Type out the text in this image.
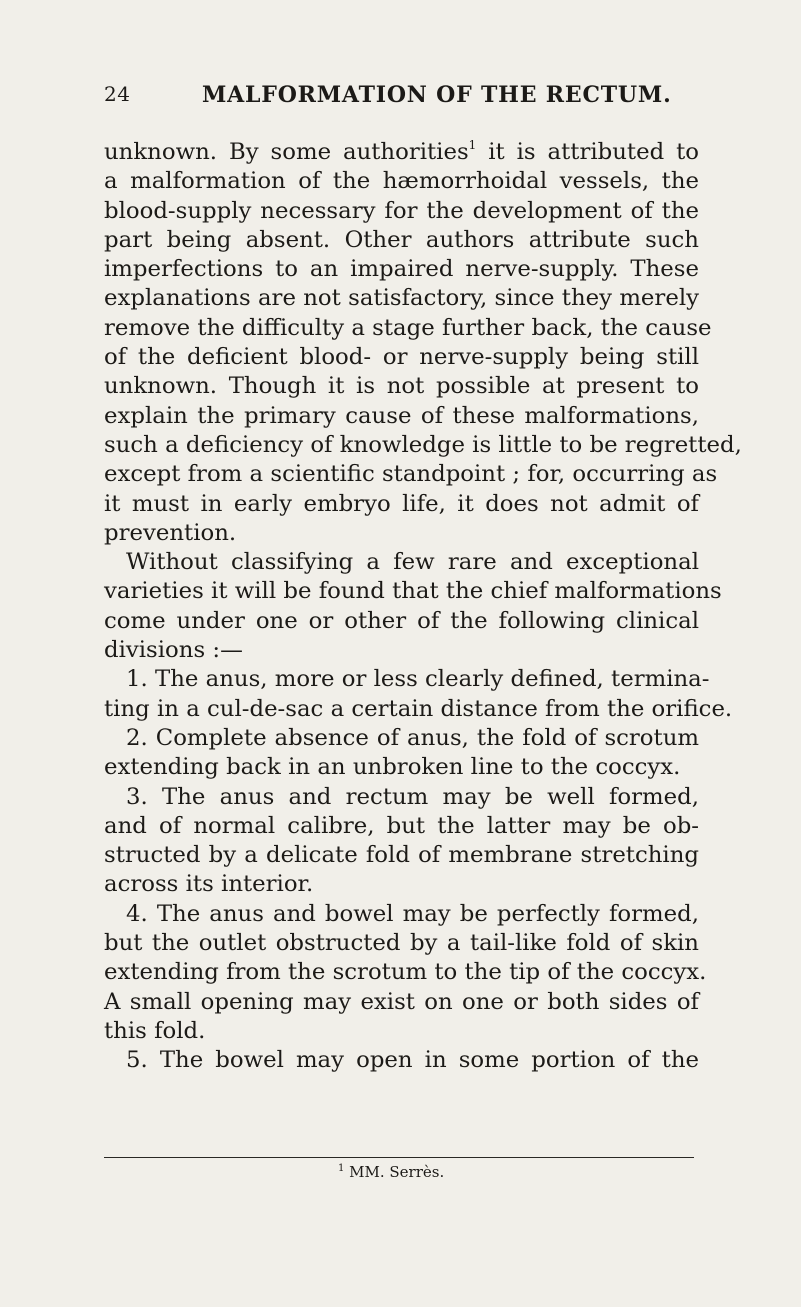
24	MALFORMATION OF THE RECTUM.
unknown. By some authorities$^1$ it is attributed to
a malformation of the hæmorrhoidal vessels, the
blood-supply necessary for the development of the
part being absent. Other authors attribute such
imperfections to an impaired nerve-supply. These
explanations are not satisfactory, since they merely
remove the difficulty a stage further back, the cause
of the deficient blood- or nerve-supply being still
unknown. Though it is not possible at present to
explain the primary cause of these malformations,
such a deficiency of knowledge is little to be regretted,
except from a scientific standpoint ; for, occurring as
it must in early embryo life, it does not admit of
prevention.
Without classifying a few rare and exceptional
varieties it will be found that the chief malformations
come under one or other of the following clinical
divisions :—
1. The anus, more or less clearly defined, termina-
ting in a cul-de-sac a certain distance from the orifice.
2. Complete absence of anus, the fold of scrotum
extending back in an unbroken line to the coccyx.
3. The anus and rectum may be well formed,
and of normal calibre, but the latter may be ob-
structed by a delicate fold of membrane stretching
across its interior.
4. The anus and bowel may be perfectly formed,
but the outlet obstructed by a tail-like fold of skin
extending from the scrotum to the tip of the coccyx.
A small opening may exist on one or both sides of
this fold.
5. The bowel may open in some portion of the
$^1$ MM. Serrès.
